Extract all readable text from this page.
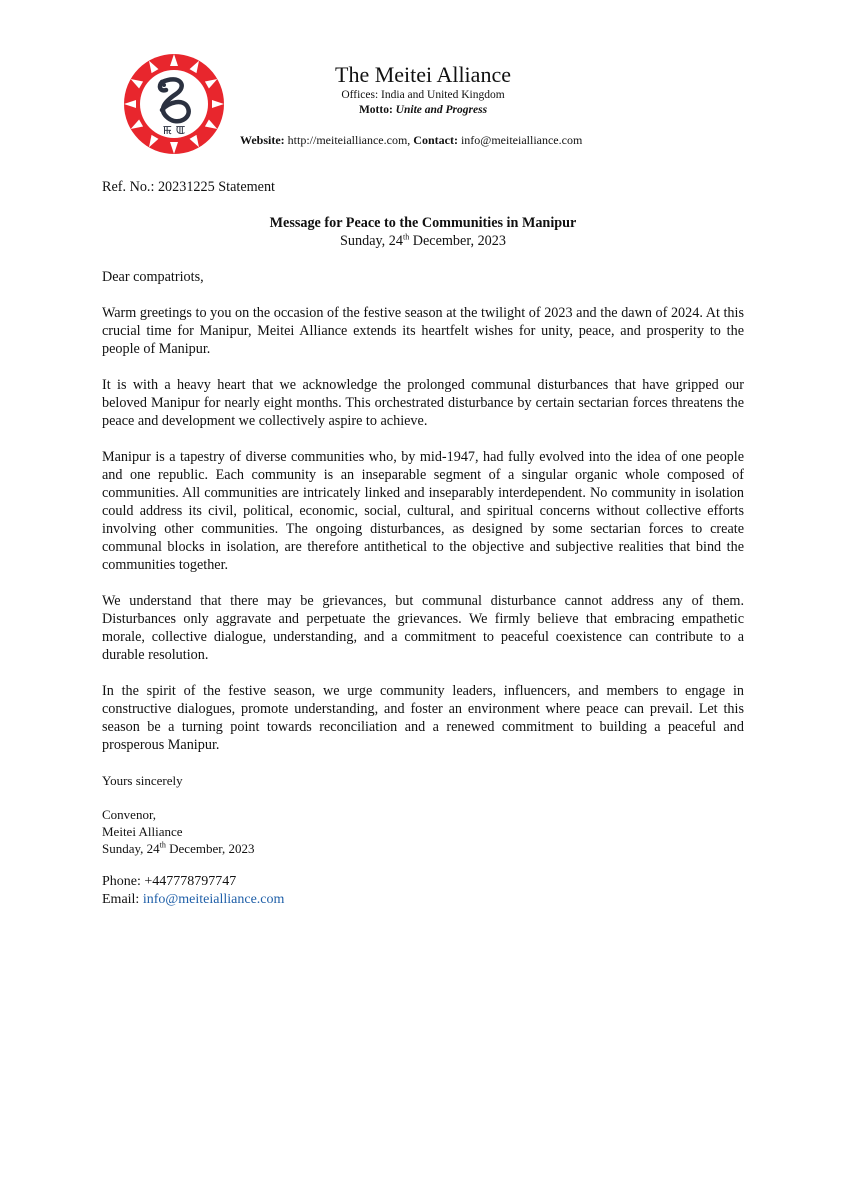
ꯃ ꯑ
The Meitei Alliance
Offices: India and United Kingdom
Motto: Unite and Progress
Website: http://meiteialliance.com, Contact: info@meiteialliance.com

Ref. No.: 20231225 Statement

Message for Peace to the Communities in Manipur
Sunday, 24th December, 2023
Dear compatriots,
Warm greetings to you on the occasion of the festive season at the twilight of 2023 and the dawn of 2024. At this crucial time for Manipur, Meitei Alliance extends its heartfelt wishes for unity, peace, and prosperity to the people of Manipur.
It is with a heavy heart that we acknowledge the prolonged communal disturbances that have gripped our beloved Manipur for nearly eight months. This orchestrated disturbance by certain sectarian forces threatens the peace and development we collectively aspire to achieve.
Manipur is a tapestry of diverse communities who, by mid-1947, had fully evolved into the idea of one people and one republic. Each community is an inseparable segment of a singular organic whole composed of communities. All communities are intricately linked and inseparably interdependent. No community in isolation could address its civil, political, economic, social, cultural, and spiritual concerns without collective efforts involving other communities. The ongoing disturbances, as designed by some sectarian forces to create communal blocks in isolation, are therefore antithetical to the objective and subjective realities that bind the communities together.
We understand that there may be grievances, but communal disturbance cannot address any of them. Disturbances only aggravate and perpetuate the grievances. We firmly believe that embracing empathetic morale, collective dialogue, understanding, and a commitment to peaceful coexistence can contribute to a durable resolution.
In the spirit of the festive season, we urge community leaders, influencers, and members to engage in constructive dialogues, promote understanding, and foster an environment where peace can prevail. Let this season be a turning point towards reconciliation and a renewed commitment to building a peaceful and prosperous Manipur.
Yours sincerely
Convenor,
Meitei Alliance
Sunday, 24th December, 2023
Phone: +447778797747
Email: info@meiteialliance.com
